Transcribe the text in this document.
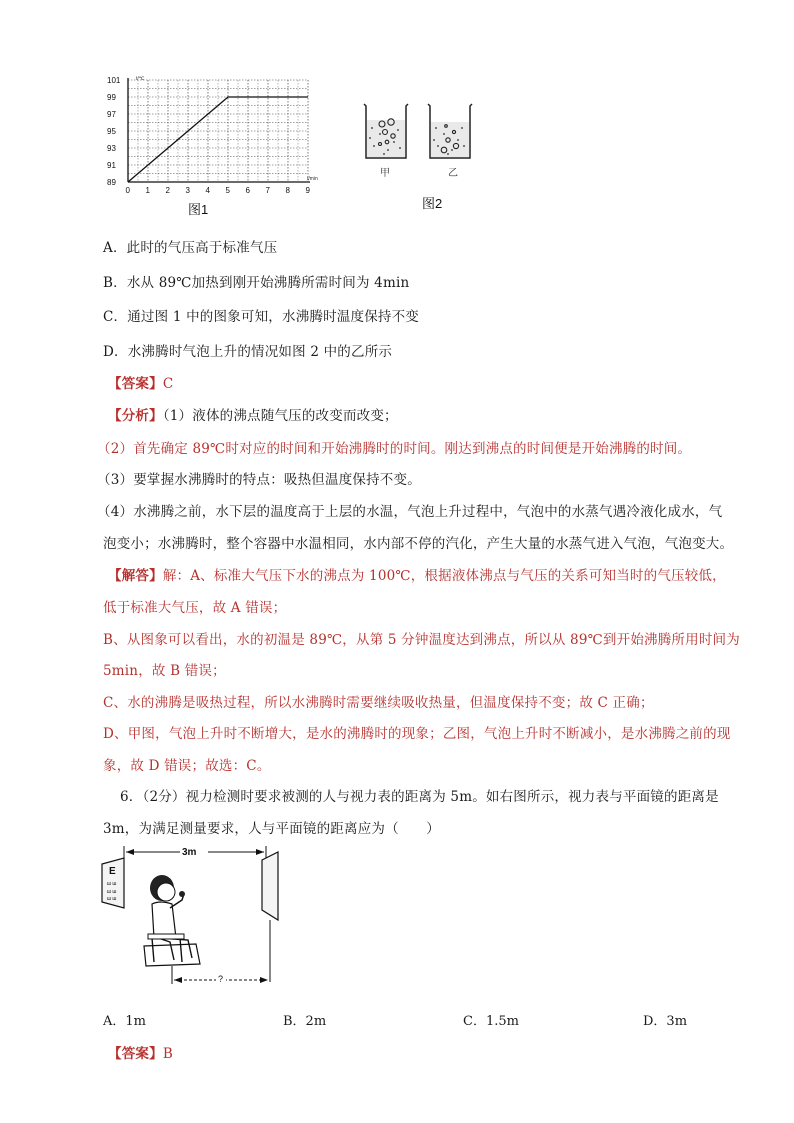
101
99
97
95
93
91
89
0 1 2 3 4 5 6 7 8 9
t/℃
t/min
图1
甲	乙
图2
A．此时的气压高于标准气压
B．水从 89℃加热到刚开始沸腾所需时间为 4min
C．通过图 1 中的图象可知，水沸腾时温度保持不变
D．水沸腾时气泡上升的情况如图 2 中的乙所示
【答案】C
【分析】（1）液体的沸点随气压的改变而改变；
（2）首先确定 89℃时对应的时间和开始沸腾时的时间。刚达到沸点的时间便是开始沸腾的时间。
（3）要掌握水沸腾时的特点：吸热但温度保持不变。
（4）水沸腾之前，水下层的温度高于上层的水温，气泡上升过程中，气泡中的水蒸气遇冷液化成水，气
泡变小；水沸腾时，整个容器中水温相同，水内部不停的汽化，产生大量的水蒸气进入气泡，气泡变大。
【解答】解：A、标准大气压下水的沸点为 100℃，根据液体沸点与气压的关系可知当时的气压较低，
低于标准大气压，故 A 错误；
B、从图象可以看出，水的初温是 89℃，从第 5 分钟温度达到沸点，所以从 89℃到开始沸腾所用时间为
5min，故 B 错误；
C、水的沸腾是吸热过程，所以水沸腾时需要继续吸收热量，但温度保持不变；故 C 正确；
D、甲图，气泡上升时不断增大，是水的沸腾时的现象；乙图，气泡上升时不断减小，是水沸腾之前的现
象，故 D 错误；故选：C。
6．（2分）视力检测时要求被测的人与视力表的距离为 5m。如右图所示，视力表与平面镜的距离是
3m，为满足测量要求，人与平面镜的距离应为（　　）
E
ш ш
ш ш
ш ш
3m
?
A．1m	B．2m	C．1.5m	D．3m
【答案】B
